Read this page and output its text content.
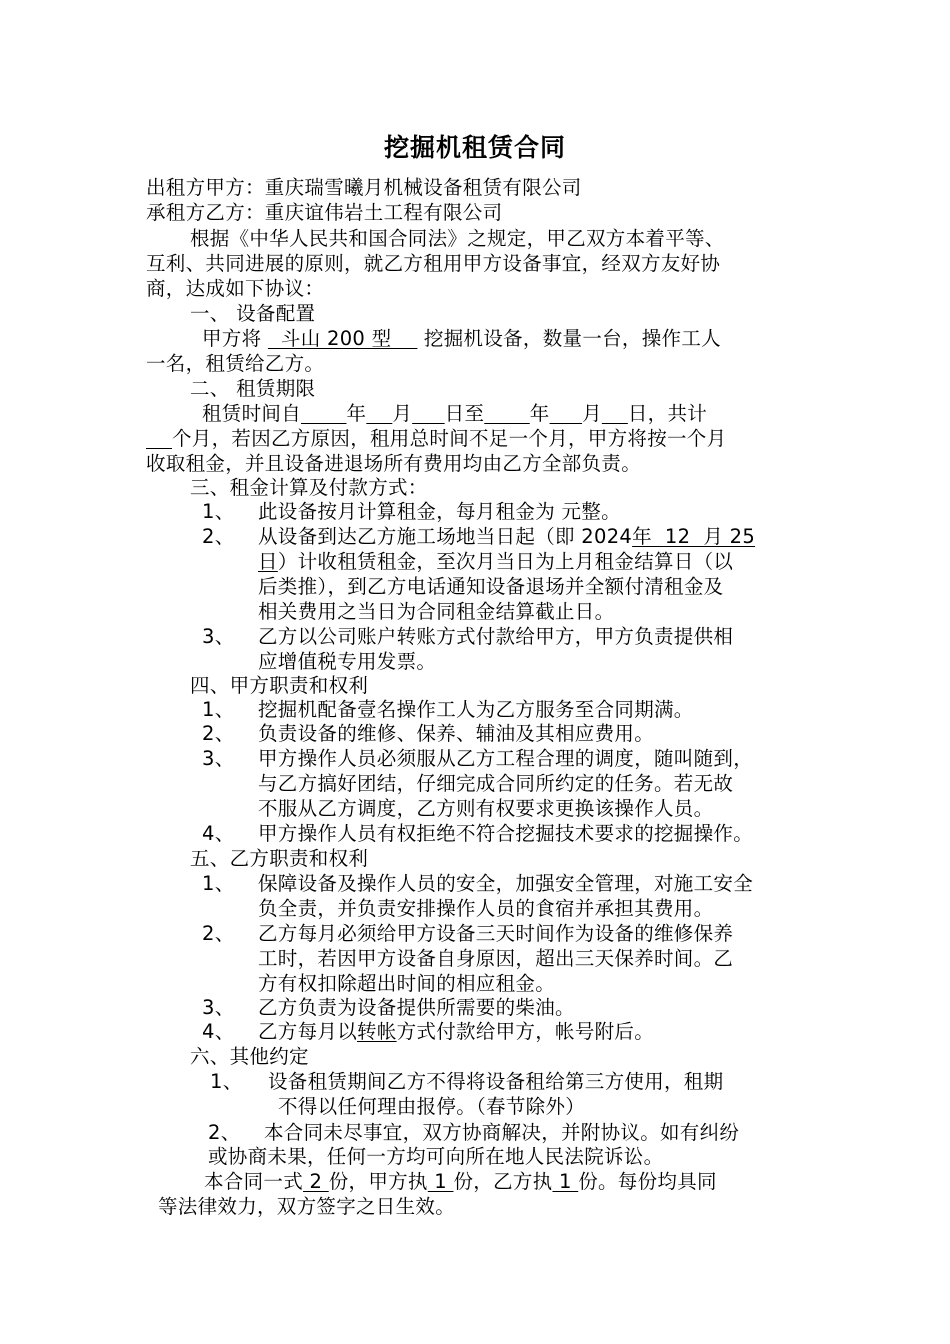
挖掘机租赁合同
出租方甲方：重庆瑞雪曦月机械设备租赁有限公司
承租方乙方：重庆谊伟岩土工程有限公司
根据《中华人民共和国合同法》之规定，甲乙双方本着平等、
互利、共同进展的原则，就乙方租用甲方设备事宜，经双方友好协
商，达成如下协议：
一、 设备配置
甲方将   斗山 200 型     挖掘机设备，数量一台，操作工人
一名，租赁给乙方。
二、 租赁期限
租赁时间自 年 月 日至 年 月 日，共计
个月，若因乙方原因，租用总时间不足一个月，甲方将按一个月
收取租金，并且设备进退场所有费用均由乙方全部负责。
三、租金计算及付款方式：
1、 此设备按月计算租金，每月租金为 元整。
2、 从设备到达乙方施工场地当日起（即 2024年  12  月 25
日）计收租赁租金，至次月当日为上月租金结算日（以
后类推），到乙方电话通知设备退场并全额付清租金及
相关费用之当日为合同租金结算截止日。
3、 乙方以公司账户转账方式付款给甲方，甲方负责提供相
应增值税专用发票。
四、甲方职责和权利
1、 挖掘机配备壹名操作工人为乙方服务至合同期满。
2、 负责设备的维修、保养、辅油及其相应费用。
3、 甲方操作人员必须服从乙方工程合理的调度，随叫随到，
与乙方搞好团结，仔细完成合同所约定的任务。若无故
不服从乙方调度，乙方则有权要求更换该操作人员。
4、 甲方操作人员有权拒绝不符合挖掘技术要求的挖掘操作。
五、乙方职责和权利
1、 保障设备及操作人员的安全，加强安全管理，对施工安全
负全责，并负责安排操作人员的食宿并承担其费用。
2、 乙方每月必须给甲方设备三天时间作为设备的维修保养
工时，若因甲方设备自身原因，超出三天保养时间。乙
方有权扣除超出时间的相应租金。
3、 乙方负责为设备提供所需要的柴油。
4、 乙方每月以转帐方式付款给甲方，帐号附后。
六、其他约定
1、 设备租赁期间乙方不得将设备租给第三方使用，租期
不得以任何理由报停。（春节除外）
2、 本合同未尽事宜，双方协商解决，并附协议。如有纠纷
或协商未果，任何一方均可向所在地人民法院诉讼。
本合同一式 2 份，甲方执 1 份，乙方执 1 份。每份均具同
等法律效力，双方签字之日生效。
